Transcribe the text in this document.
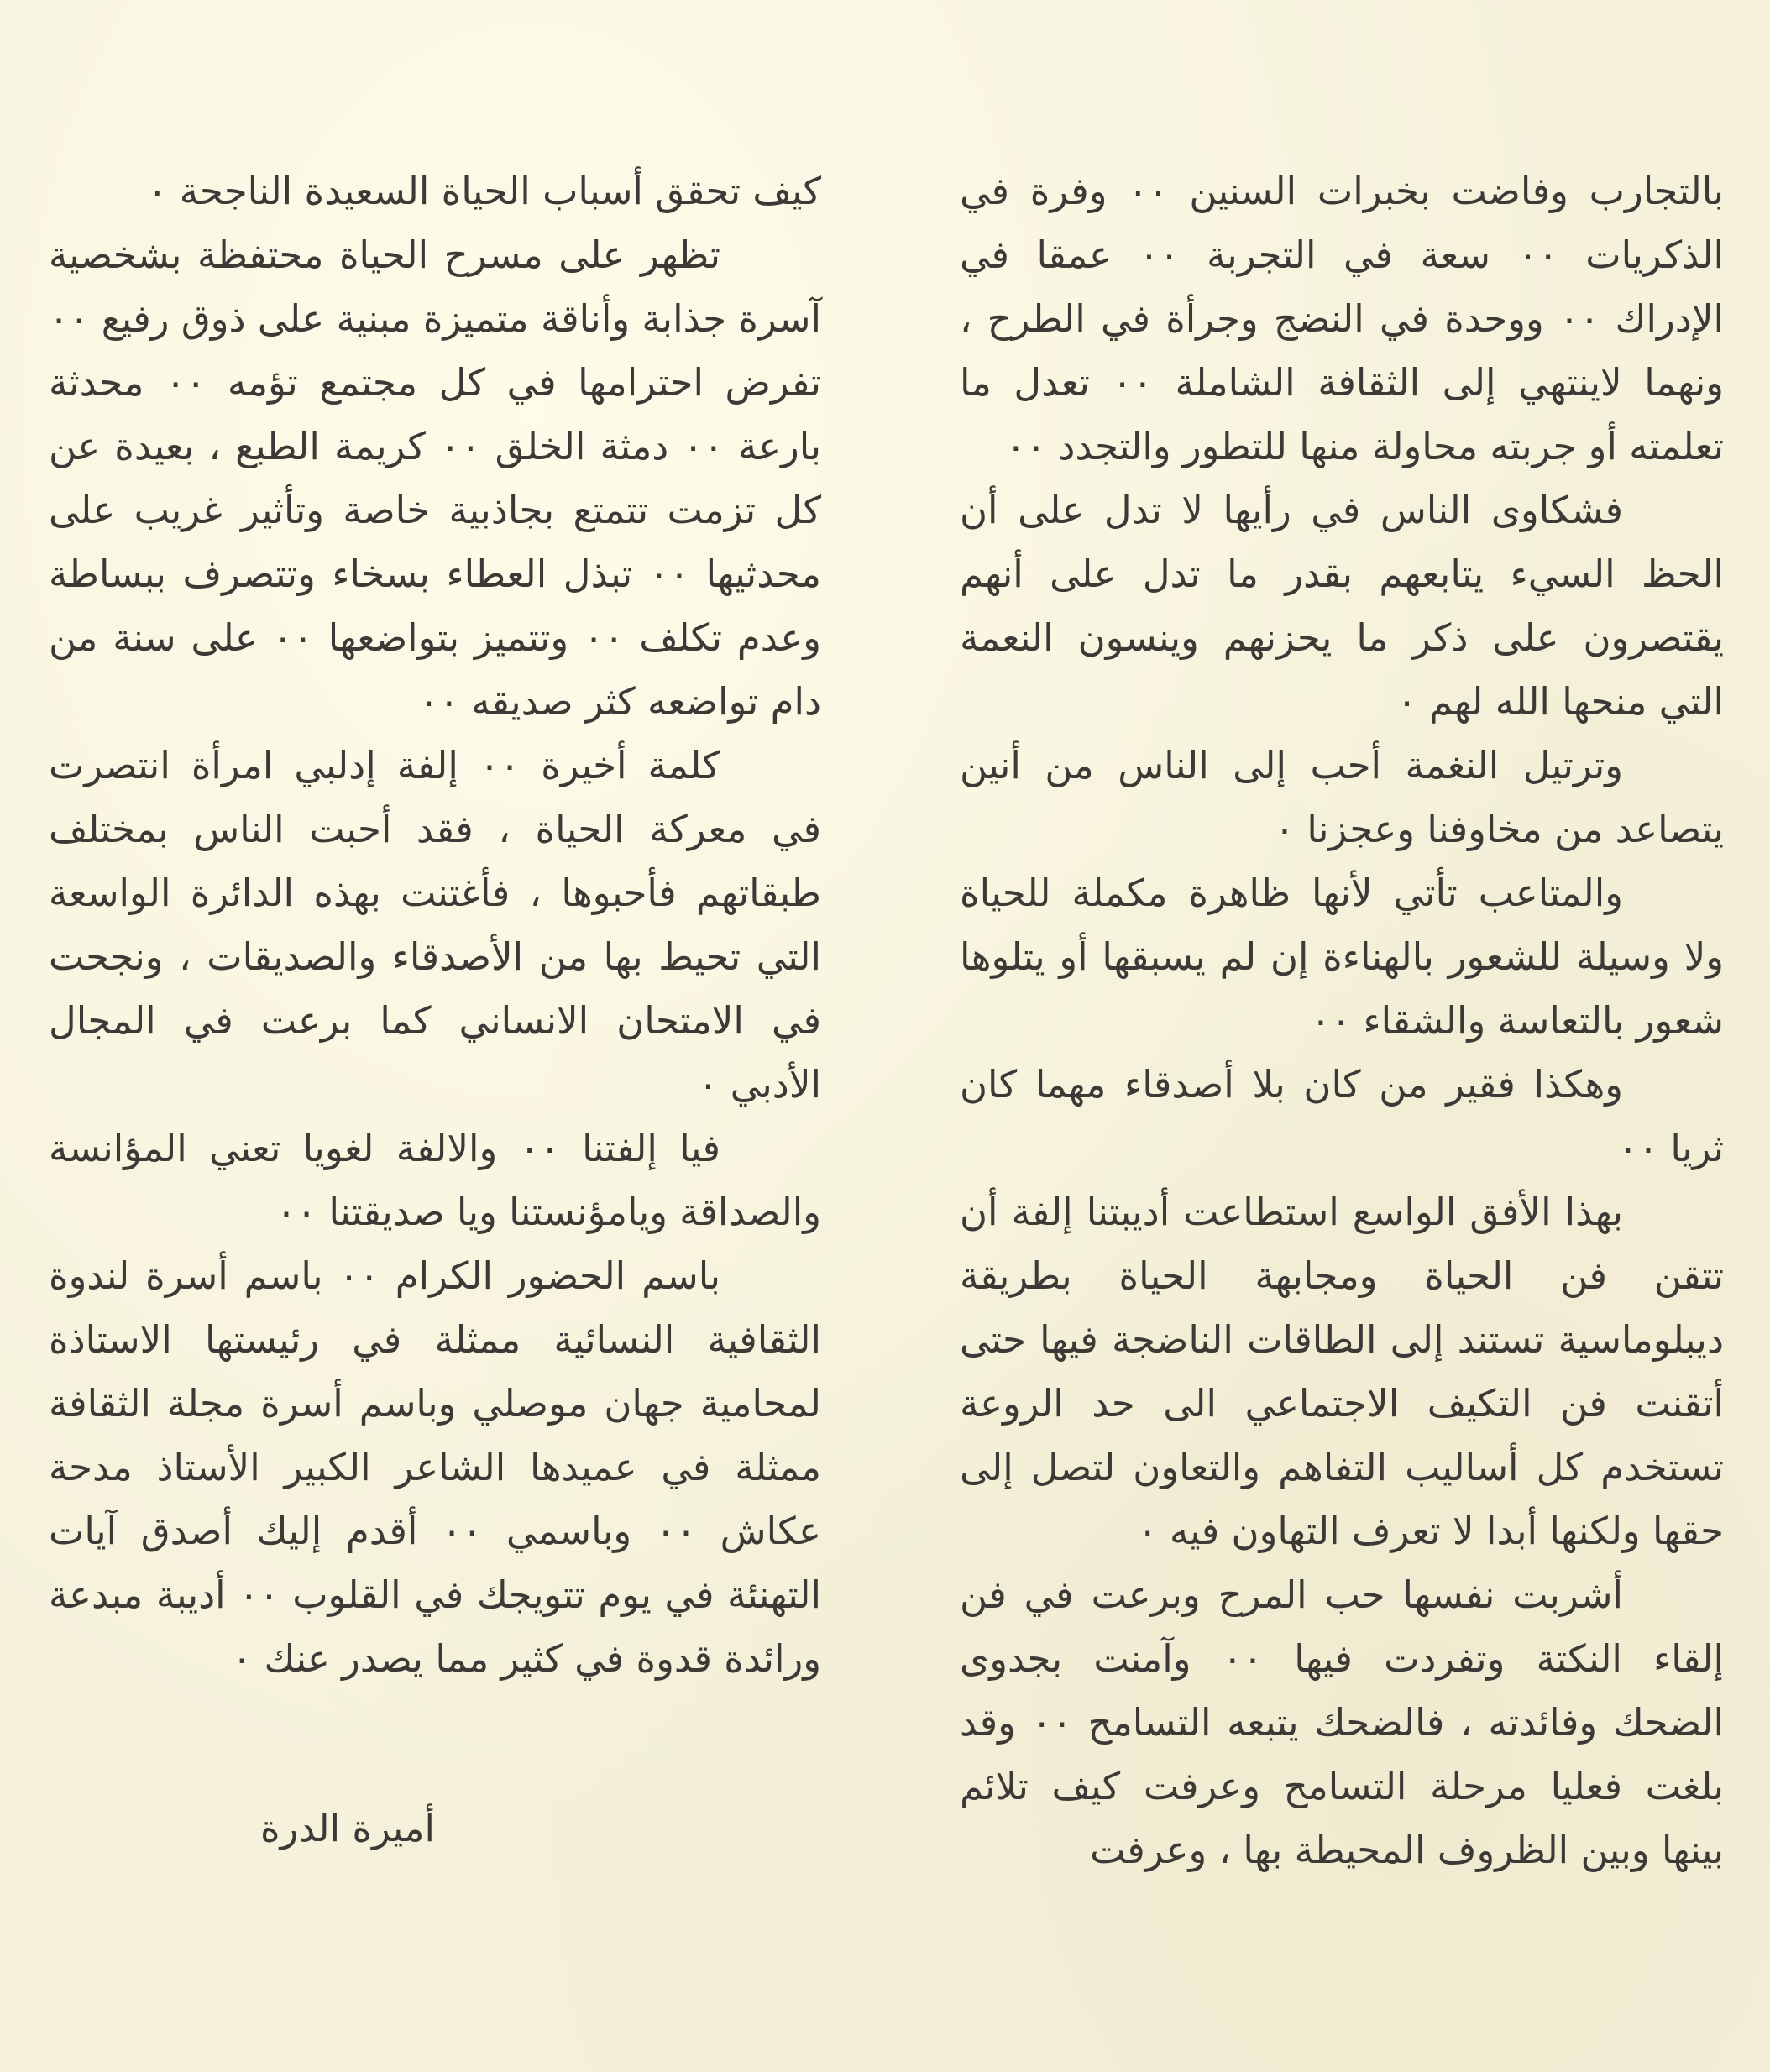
بالتجارب وفاضت بخبرات السنين ٠٠ وفرة في الذكريات ٠٠ سعة في التجربة ٠٠ عمقا في الإدراك ٠٠ ووحدة في النضج وجرأة في الطرح ، ونهما لاينتهي إلى الثقافة الشاملة ٠٠ تعدل ما تعلمته أو جربته محاولة منها للتطور والتجدد ٠٠

فشكاوى الناس في رأيها لا تدل على أن الحظ السيء يتابعهم بقدر ما تدل على أنهم يقتصرون على ذكر ما يحزنهم وينسون النعمة التي منحها الله لهم ٠

وترتيل النغمة أحب إلى الناس من أنين يتصاعد من مخاوفنا وعجزنا ٠

والمتاعب تأتي لأنها ظاهرة مكملة للحياة ولا وسيلة للشعور بالهناءة إن لم يسبقها أو يتلوها شعور بالتعاسة والشقاء ٠٠

وهكذا فقير من كان بلا أصدقاء مهما كان ثريا ٠٠

بهذا الأفق الواسع استطاعت أديبتنا إلفة أن تتقن فن الحياة ومجابهة الحياة بطريقة ديبلوماسية تستند إلى الطاقات الناضجة فيها حتى أتقنت فن التكيف الاجتماعي الى حد الروعة تستخدم كل أساليب التفاهم والتعاون لتصل إلى حقها ولكنها أبدا لا تعرف التهاون فيه ٠

أشربت نفسها حب المرح وبرعت في فن إلقاء النكتة وتفردت فيها ٠٠ وآمنت بجدوى الضحك وفائدته ، فالضحك يتبعه التسامح ٠٠ وقد بلغت فعليا مرحلة التسامح وعرفت كيف تلائم بينها وبين الظروف المحيطة بها ، وعرفت

كيف تحقق أسباب الحياة السعيدة الناجحة ٠

تظهر على مسرح الحياة محتفظة بشخصية آسرة جذابة وأناقة متميزة مبنية على ذوق رفيع ٠٠ تفرض احترامها في كل مجتمع تؤمه ٠٠ محدثة بارعة ٠٠ دمثة الخلق ٠٠ كريمة الطبع ، بعيدة عن كل تزمت تتمتع بجاذبية خاصة وتأثير غريب على محدثيها ٠٠ تبذل العطاء بسخاء وتتصرف ببساطة وعدم تكلف ٠٠ وتتميز بتواضعها ٠٠ على سنة من دام تواضعه كثر صديقه ٠٠

كلمة أخيرة ٠٠ إلفة إدلبي امرأة انتصرت في معركة الحياة ، فقد أحبت الناس بمختلف طبقاتهم فأحبوها ، فأغتنت بهذه الدائرة الواسعة التي تحيط بها من الأصدقاء والصديقات ، ونجحت في الامتحان الانساني كما برعت في المجال الأدبي ٠

فيا إلفتنا ٠٠ والالفة لغويا تعني المؤانسة والصداقة ويامؤنستنا ويا صديقتنا ٠٠

باسم الحضور الكرام ٠٠ باسم أسرة لندوة الثقافية النسائية ممثلة في رئيستها الاستاذة لمحامية جهان موصلي وباسم أسرة مجلة الثقافة ممثلة في عميدها الشاعر الكبير الأستاذ مدحة عكاش ٠٠ وباسمي ٠٠ أقدم إليك أصدق آيات التهنئة في يوم تتويجك في القلوب ٠٠ أديبة مبدعة ورائدة قدوة في كثير مما يصدر عنك ٠

أميرة الدرة
